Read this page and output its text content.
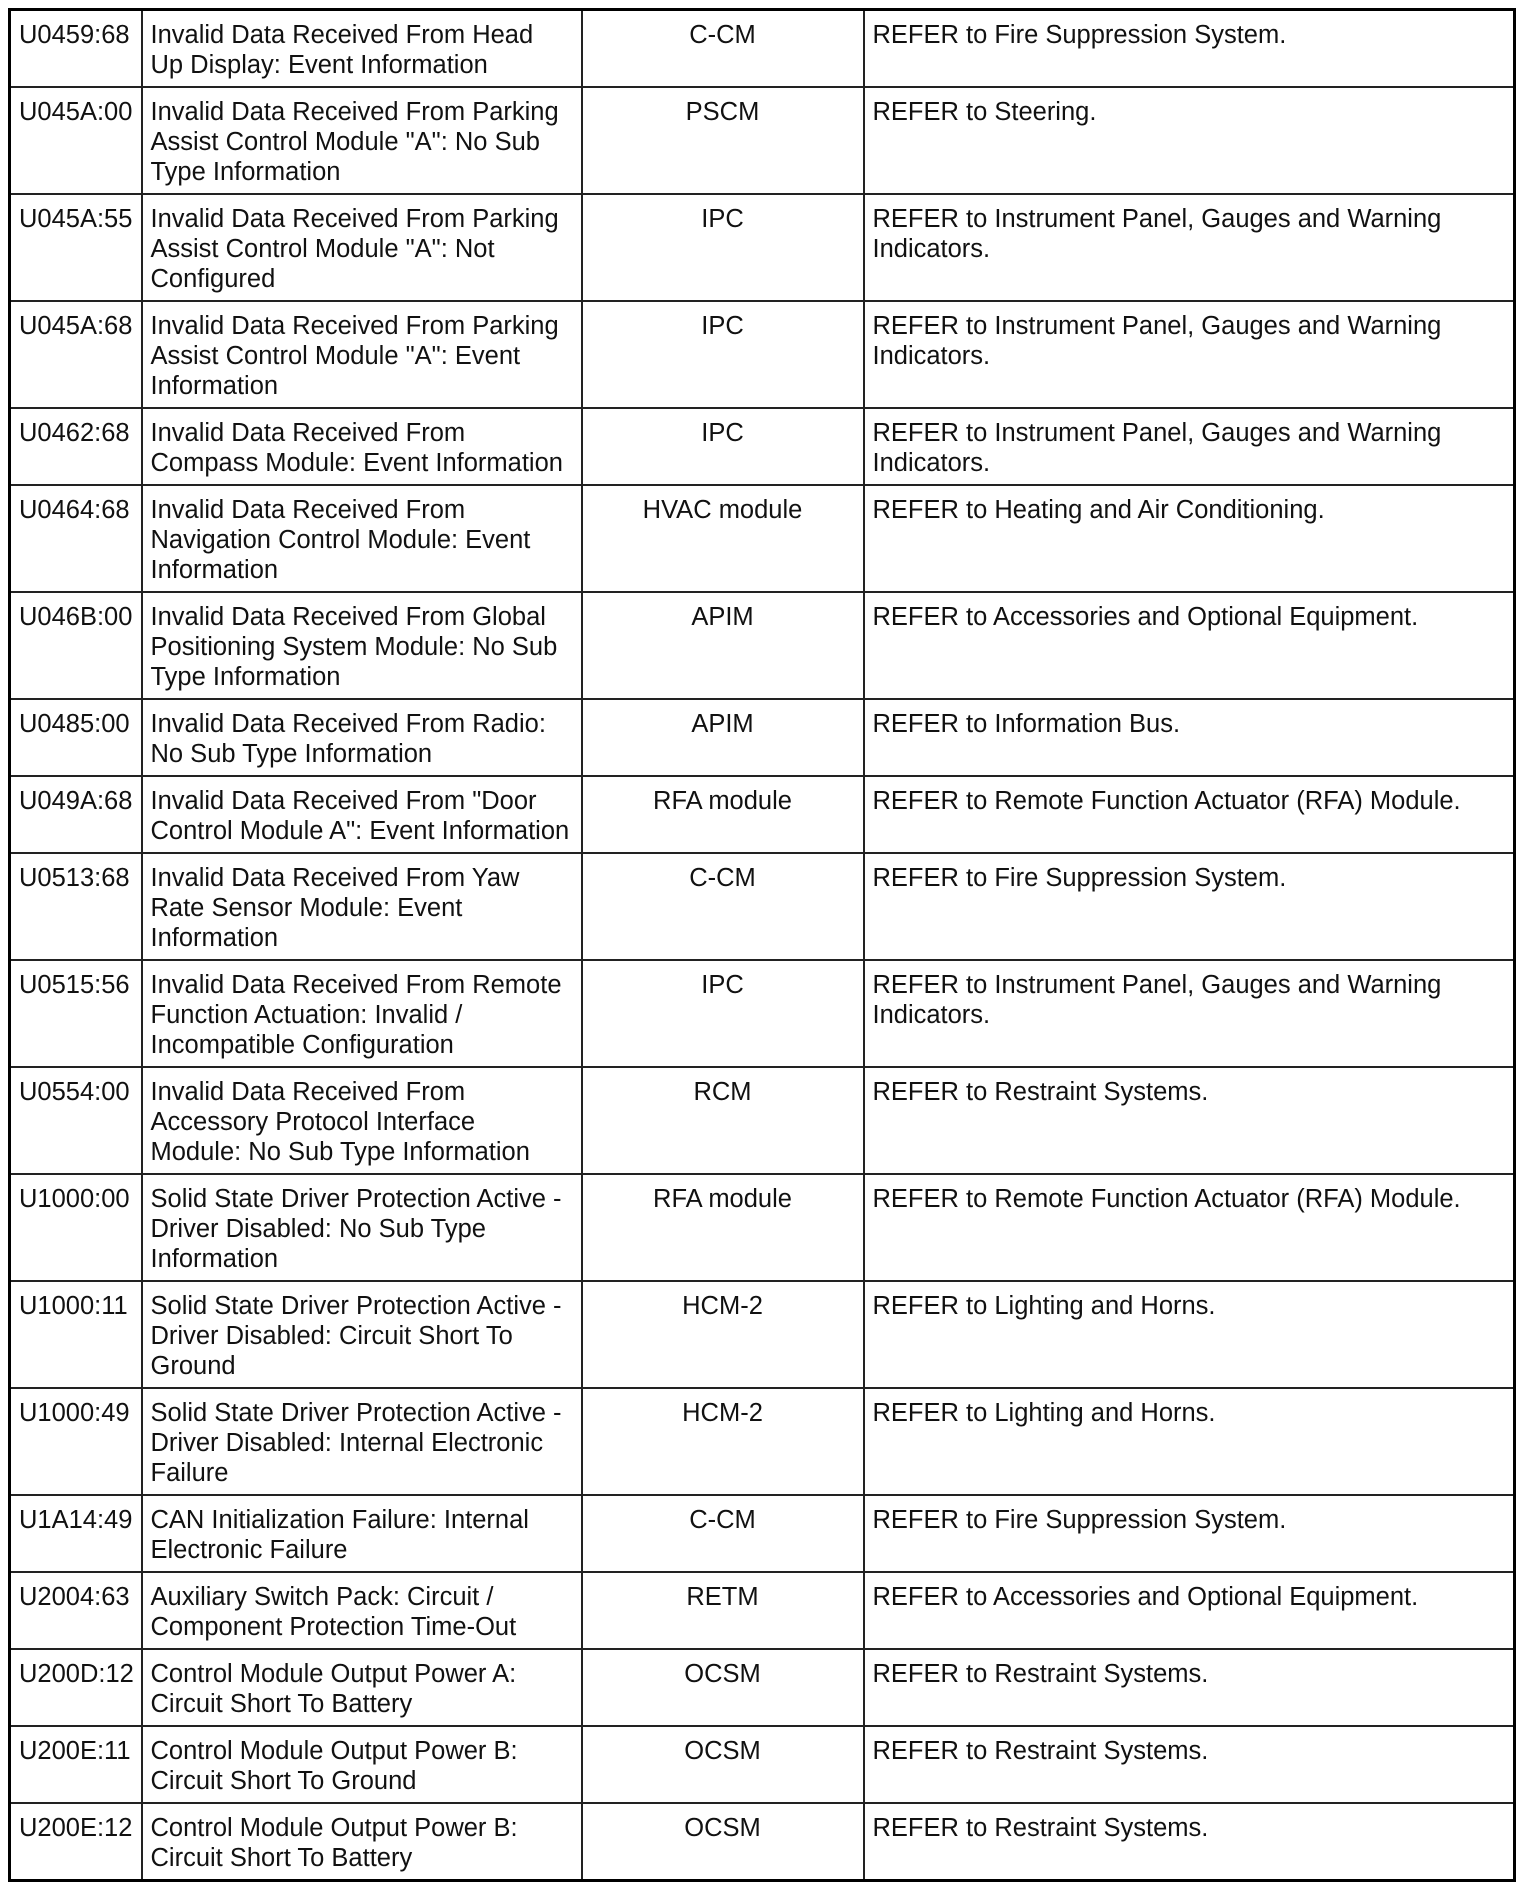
U0459:68	Invalid Data Received From Head Up Display: Event Information	C-CM	REFER to Fire Suppression System.
U045A:00	Invalid Data Received From Parking Assist Control Module "A": No Sub Type Information	PSCM	REFER to Steering.
U045A:55	Invalid Data Received From Parking Assist Control Module "A": Not Configured	IPC	REFER to Instrument Panel, Gauges and Warning Indicators.
U045A:68	Invalid Data Received From Parking Assist Control Module "A": Event Information	IPC	REFER to Instrument Panel, Gauges and Warning Indicators.
U0462:68	Invalid Data Received From Compass Module: Event Information	IPC	REFER to Instrument Panel, Gauges and Warning Indicators.
U0464:68	Invalid Data Received From Navigation Control Module: Event Information	HVAC module	REFER to Heating and Air Conditioning.
U046B:00	Invalid Data Received From Global Positioning System Module: No Sub Type Information	APIM	REFER to Accessories and Optional Equipment.
U0485:00	Invalid Data Received From Radio: No Sub Type Information	APIM	REFER to Information Bus.
U049A:68	Invalid Data Received From "Door Control Module A": Event Information	RFA module	REFER to Remote Function Actuator (RFA) Module.
U0513:68	Invalid Data Received From Yaw Rate Sensor Module: Event Information	C-CM	REFER to Fire Suppression System.
U0515:56	Invalid Data Received From Remote Function Actuation: Invalid / Incompatible Configuration	IPC	REFER to Instrument Panel, Gauges and Warning Indicators.
U0554:00	Invalid Data Received From Accessory Protocol Interface Module: No Sub Type Information	RCM	REFER to Restraint Systems.
U1000:00	Solid State Driver Protection Active -Driver Disabled: No Sub Type Information	RFA module	REFER to Remote Function Actuator (RFA) Module.
U1000:11	Solid State Driver Protection Active -Driver Disabled: Circuit Short To Ground	HCM-2	REFER to Lighting and Horns.
U1000:49	Solid State Driver Protection Active -Driver Disabled: Internal Electronic Failure	HCM-2	REFER to Lighting and Horns.
U1A14:49	CAN Initialization Failure: Internal Electronic Failure	C-CM	REFER to Fire Suppression System.
U2004:63	Auxiliary Switch Pack: Circuit / Component Protection Time-Out	RETM	REFER to Accessories and Optional Equipment.
U200D:12	Control Module Output Power A: Circuit Short To Battery	OCSM	REFER to Restraint Systems.
U200E:11	Control Module Output Power B: Circuit Short To Ground	OCSM	REFER to Restraint Systems.
U200E:12	Control Module Output Power B: Circuit Short To Battery	OCSM	REFER to Restraint Systems.
